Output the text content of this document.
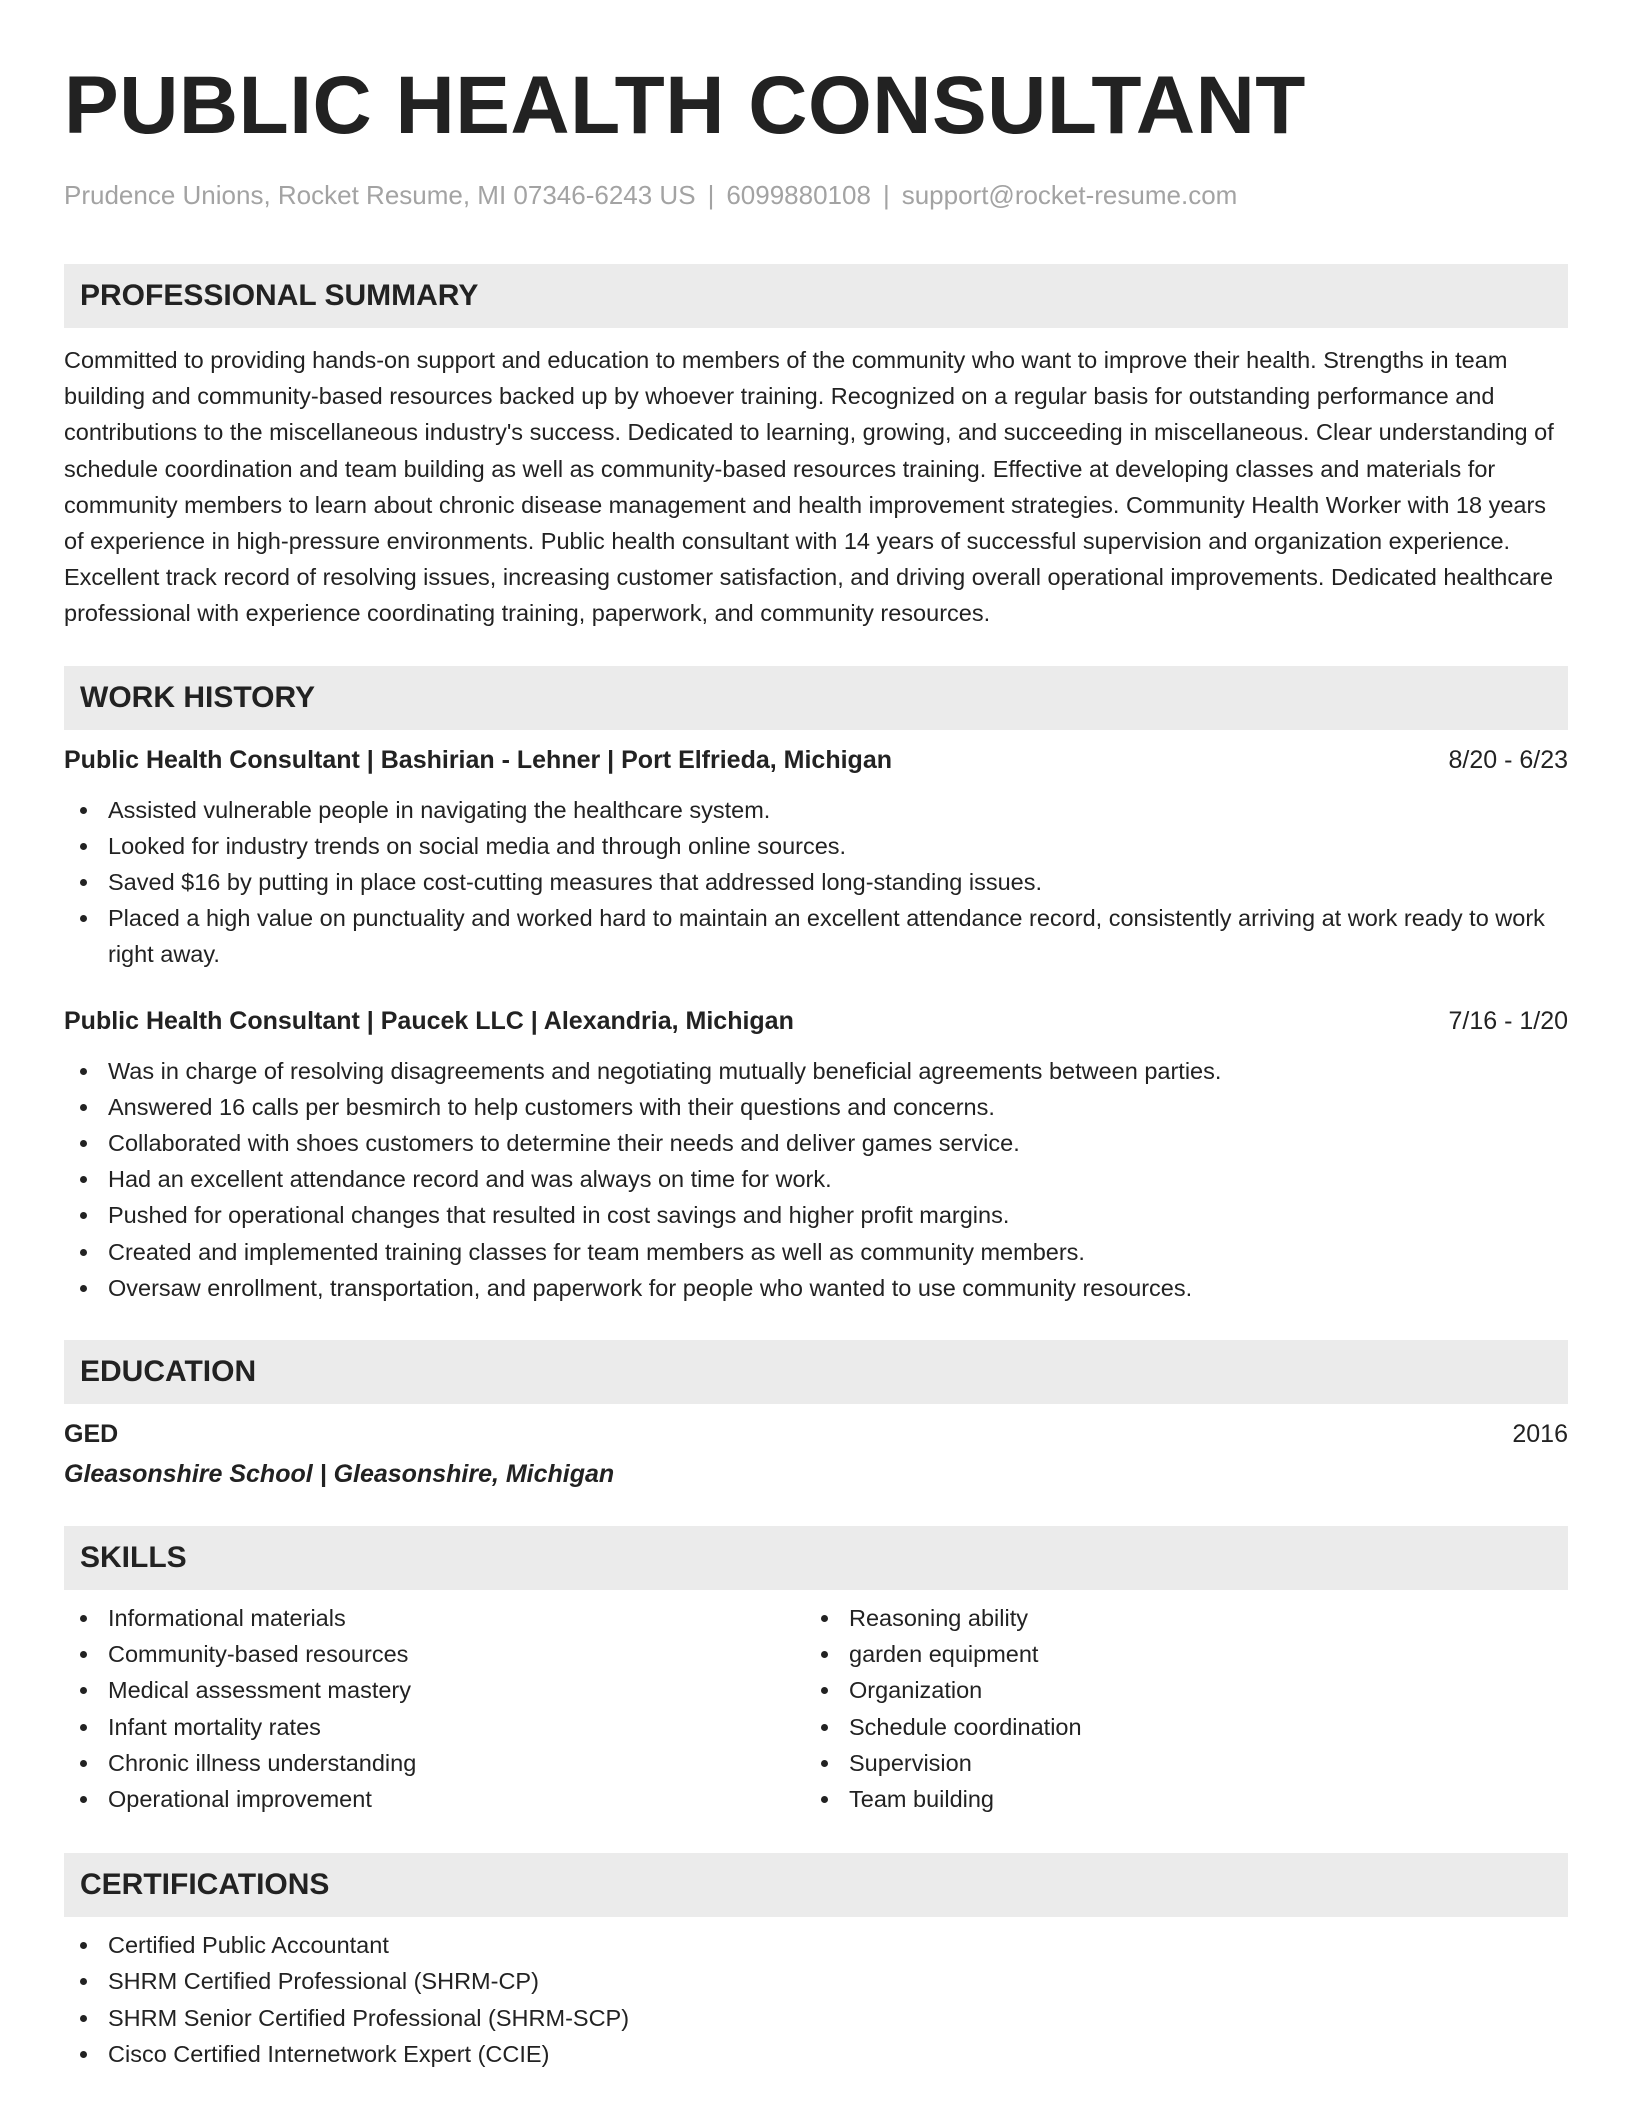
PUBLIC HEALTH CONSULTANT
Prudence Unions, Rocket Resume, MI 07346-6243 US | 6099880108 | support@rocket-resume.com
PROFESSIONAL SUMMARY
Committed to providing hands-on support and education to members of the community who want to improve their health. Strengths in team building and community-based resources backed up by whoever training. Recognized on a regular basis for outstanding performance and contributions to the miscellaneous industry's success. Dedicated to learning, growing, and succeeding in miscellaneous. Clear understanding of schedule coordination and team building as well as community-based resources training. Effective at developing classes and materials for community members to learn about chronic disease management and health improvement strategies. Community Health Worker with 18 years of experience in high-pressure environments. Public health consultant with 14 years of successful supervision and organization experience. Excellent track record of resolving issues, increasing customer satisfaction, and driving overall operational improvements. Dedicated healthcare professional with experience coordinating training, paperwork, and community resources.
WORK HISTORY
Public Health Consultant | Bashirian - Lehner | Port Elfrieda, Michigan	8/20 - 6/23
Assisted vulnerable people in navigating the healthcare system.
Looked for industry trends on social media and through online sources.
Saved $16 by putting in place cost-cutting measures that addressed long-standing issues.
Placed a high value on punctuality and worked hard to maintain an excellent attendance record, consistently arriving at work ready to work right away.
Public Health Consultant | Paucek LLC | Alexandria, Michigan	7/16 - 1/20
Was in charge of resolving disagreements and negotiating mutually beneficial agreements between parties.
Answered 16 calls per besmirch to help customers with their questions and concerns.
Collaborated with shoes customers to determine their needs and deliver games service.
Had an excellent attendance record and was always on time for work.
Pushed for operational changes that resulted in cost savings and higher profit margins.
Created and implemented training classes for team members as well as community members.
Oversaw enrollment, transportation, and paperwork for people who wanted to use community resources.
EDUCATION
GED	2016
Gleasonshire School | Gleasonshire, Michigan
SKILLS
Informational materials
Community-based resources
Medical assessment mastery
Infant mortality rates
Chronic illness understanding
Operational improvement
Reasoning ability
garden equipment
Organization
Schedule coordination
Supervision
Team building
CERTIFICATIONS
Certified Public Accountant
SHRM Certified Professional (SHRM-CP)
SHRM Senior Certified Professional (SHRM-SCP)
Cisco Certified Internetwork Expert (CCIE)
